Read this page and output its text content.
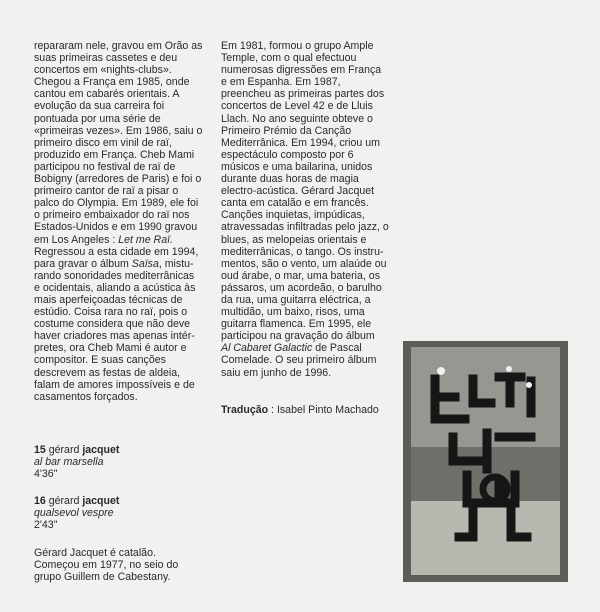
repararam nele, gravou em Orão as

suas primeiras cassetes e deu

concertos em «nights-clubs».

Chegou a França em 1985, onde

cantou em cabarés orientais. A

evolução da sua carreira foi

pontuada por uma série de

«primeiras vezes». Em 1986, saiu o

primeiro disco em vinil de raï,

produzido em França. Cheb Mami

participou no festival de raï de

Bobigny (arredores de Paris) e foi o

primeiro cantor de raï a pisar o

palco do Olympia. Em 1989, ele foi

o primeiro embaixador do raï nos

Estados-Unidos e em 1990 gravou

em Los Angeles : Let me Raï.

Regressou a esta cidade em 1994,

para gravar o álbum Saïsa, mistu-

rando sonoridades mediterrânicas

e ocidentais, aliando a acústica às

mais aperfeiçoadas técnicas de

estúdio. Coisa rara no raï, pois o

costume considera que não deve

haver criadores mas apenas intér-

pretes, ora Cheb Mami é autor e

compositor. E suas canções

descrevem as festas de aldeia,

falam de amores impossíveis e de

casamentos forçados.

Em 1981, formou o grupo Ample

Temple, com o qual efectuou

numerosas digressões em França

e em Espanha. Em 1987,

preencheu as primeiras partes dos

concertos de Level 42 e de Lluis

Llach. No ano seguinte obteve o

Primeiro Prémio da Canção

Mediterrânica. Em 1994, criou um

espectáculo composto por 6

músicos e uma bailarina, unidos

durante duas horas de magia

electro-acústica. Gérard Jacquet

canta em catalão e em francês.

Canções inquietas, impúdicas,

atravessadas infiltradas pelo jazz, o

blues, as melopeias orientais e

mediterrânicas, o tango. Os instru-

mentos, são o vento, um alaúde ou

oud árabe, o mar, uma bateria, os

pássaros, um acordeão, o barulho

da rua, uma guitarra eléctrica, a

multidão, um baixo, risos, uma

guitarra flamenca. Em 1995, ele

participou na gravação do álbum

Al Cabaret Galactic de Pascal

Comelade. O seu primeiro álbum

saiu em junho de 1996.

Tradução : Isabel Pinto Machado
15 gérard jacquet
al bar marsella
4'36"
16 gérard jacquet
qualsevol vespre
2'43"
Gérard Jacquet é catalão.
Começou em 1977, no seio do
grupo Guillem de Cabestany.
